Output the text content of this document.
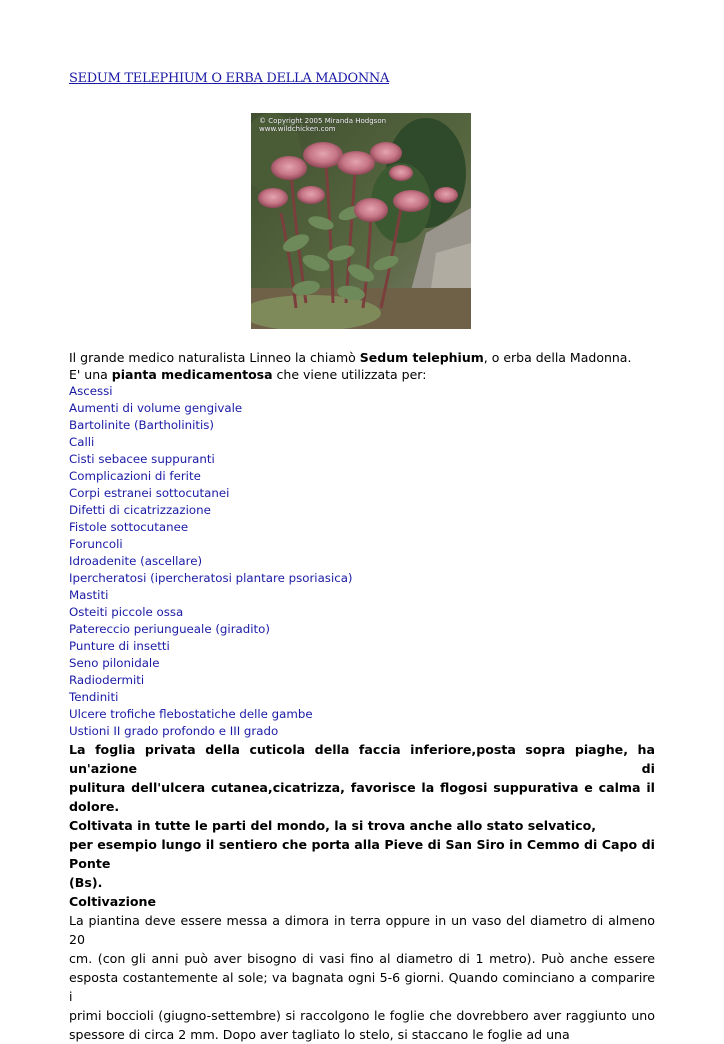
SEDUM TELEPHIUM O ERBA DELLA MADONNA
© Copyright 2005 Miranda Hodgson
www.wildchicken.com

Il grande medico naturalista Linneo la chiamò Sedum telephium, o erba della Madonna.

E' una pianta medicamentosa che viene utilizzata per:

Ascessi
Aumenti di volume gengivale
Bartolinite (Bartholinitis)
Calli
Cisti sebacee suppuranti
Complicazioni di ferite
Corpi estranei sottocutanei
Difetti di cicatrizzazione
Fistole sottocutanee
Foruncoli
Idroadenite (ascellare)
Ipercheratosi (ipercheratosi plantare psoriasica)
Mastiti
Osteiti piccole ossa
Patereccio periungueale (giradito)
Punture di insetti
Seno pilonidale
Radiodermiti
Tendiniti
Ulcere trofiche flebostatiche delle gambe
Ustioni II grado profondo e III grado
La foglia privata della cuticola della faccia inferiore,posta sopra piaghe, ha un'azione di
pulitura dell'ulcera cutanea,cicatrizza, favorisce la flogosi suppurativa e calma il dolore.
Coltivata in tutte le parti del mondo, la si trova anche allo stato selvatico,
per esempio lungo il sentiero che porta alla Pieve di San Siro in Cemmo di Capo di Ponte
(Bs).
Coltivazione
La piantina deve essere messa a dimora in terra oppure in un vaso del diametro di almeno 20
cm. (con gli anni può aver bisogno di vasi fino al diametro di 1 metro). Può anche essere
esposta costantemente al sole; va bagnata ogni 5-6 giorni. Quando cominciano a comparire i
primi boccioli (giugno-settembre) si raccolgono le foglie che dovrebbero aver raggiunto uno
spessore di circa 2 mm. Dopo aver tagliato lo stelo, si staccano le foglie ad una
